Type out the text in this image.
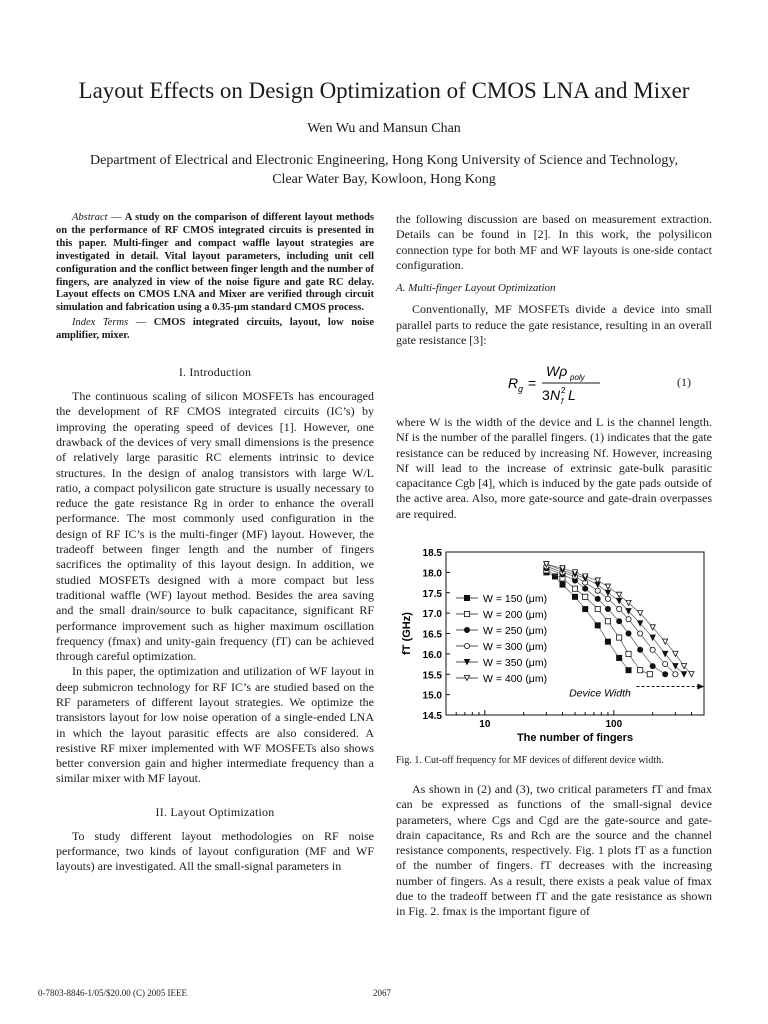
Layout Effects on Design Optimization of CMOS LNA and Mixer
Wen Wu and Mansun Chan
Department of Electrical and Electronic Engineering, Hong Kong University of Science and Technology,
Clear Water Bay, Kowloon, Hong Kong

Abstract — A study on the comparison of different layout methods on the performance of RF CMOS integrated circuits is presented in this paper. Multi-finger and compact waffle layout strategies are investigated in detail. Vital layout parameters, including unit cell configuration and the conflict between finger length and the number of fingers, are analyzed in view of the noise figure and gate RC delay. Layout effects on CMOS LNA and Mixer are verified through circuit simulation and fabrication using a 0.35-μm standard CMOS process.

Index Terms — CMOS integrated circuits, layout, low noise amplifier, mixer.

I. Introduction

The continuous scaling of silicon MOSFETs has encouraged the development of RF CMOS integrated circuits (IC’s) by improving the operating speed of devices [1]. However, one drawback of the devices of very small dimensions is the presence of relatively large parasitic RC elements intrinsic to device structures. In the design of analog transistors with large W/L ratio, a compact polysilicon gate structure is usually necessary to reduce the gate resistance Rg in order to enhance the overall performance. The most commonly used configuration in the design of RF IC’s is the multi-finger (MF) layout. However, the tradeoff between finger length and the number of fingers sacrifices the optimality of this layout design. In addition, we studied MOSFETs designed with a more compact but less traditional waffle (WF) layout method. Besides the area saving and the small drain/source to bulk capacitance, significant RF performance improvement such as higher maximum oscillation frequency (fmax) and unity-gain frequency (fT) can be achieved through careful optimization.

In this paper, the optimization and utilization of WF layout in deep submicron technology for RF IC’s are studied based on the RF parameters of different layout strategies. We optimize the transistors layout for low noise operation of a single-ended LNA in which the layout parasitic effects are also considered. A resistive RF mixer implemented with WF MOSFETs also shows better conversion gain and higher intermediate frequency than a similar mixer with MF layout.

II. Layout Optimization

To study different layout methodologies on RF noise performance, two kinds of layout configuration (MF and WF layouts) are investigated. All the small-signal parameters in

the following discussion are based on measurement extraction. Details can be found in [2]. In this work, the polysilicon connection type for both MF and WF layouts is one-side contact configuration.

A. Multi-finger Layout Optimization

Conventionally, MF MOSFETs divide a device into small parallel parts to reduce the gate resistance, resulting in an overall gate resistance [3]:

R g =
Wρ poly
3 N 2
f L
(1)

where W is the width of the device and L is the channel length. Nf is the number of the parallel fingers. (1) indicates that the gate resistance can be reduced by increasing Nf. However, increasing Nf will lead to the increase of extrinsic gate-bulk parasitic capacitance Cgb [4], which is induced by the gate pads outside of the active area. Also, more gate-source and gate-drain overpasses are required.

14.5
15.0
15.5
16.0
16.5
17.0
17.5
18.0
18.5
10	100
The number of fingers
fT (GHz)
Device Width
W = 150 (μm)
W = 200 (μm)
W = 250 (μm)
W = 300 (μm)
W = 350 (μm)
W = 400 (μm)
Fig. 1. Cut-off frequency for MF devices of different device width.

As shown in (2) and (3), two critical parameters fT and fmax can be expressed as functions of the small-signal device parameters, where Cgs and Cgd are the gate-source and gate-drain capacitance, Rs and Rch are the source and the channel resistance components, respectively. Fig. 1 plots fT as a function of the number of fingers. fT decreases with the increasing number of fingers. As a result, there exists a peak value of fmax due to the tradeoff between fT and the gate resistance as shown in Fig. 2. fmax is the important figure of

0-7803-8846-1/05/$20.00 (C) 2005 IEEE	2067
